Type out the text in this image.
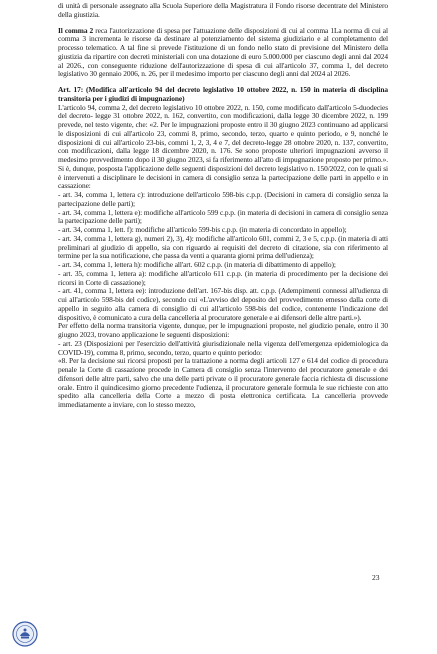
di unità di personale assegnato alla Scuola Superiore della Magistratura il Fondo risorse decentrate del Ministero della giustizia.

Il comma 2 reca l'autorizzazione di spesa per l'attuazione delle disposizioni di cui al comma 1La norma di cui al comma 3 incrementa le risorse da destinare al potenziamento del sistema giudiziario e al completamento del processo telematico. A tal fine si prevede l'istituzione di un fondo nello stato di previsione del Ministero della giustizia da ripartire con decreti ministeriali con una dotazione di euro 5.000.000 per ciascuno degli anni dal 2024 al 2026., con conseguente riduzione dell'autorizzazione di spesa di cui all'articolo 37, comma 1, del decreto legislativo 30 gennaio 2006, n. 26, per il medesimo importo per ciascuno degli anni dal 2024 al 2026.

Art. 17: (Modifica all'articolo 94 del decreto legislativo 10 ottobre 2022, n. 150 in materia di disciplina transitoria per i giudizi di impugnazione)

L'articolo 94, comma 2, del decreto legislativo 10 ottobre 2022, n. 150, come modificato dall'articolo 5-duodecies del decreto- legge 31 ottobre 2022, n. 162, convertito, con modificazioni, dalla legge 30 dicembre 2022, n. 199 prevede, nel testo vigente, che: «2. Per le impugnazioni proposte entro il 30 giugno 2023 continuano ad applicarsi le disposizioni di cui all'articolo 23, commi 8, primo, secondo, terzo, quarto e quinto periodo, e 9, nonché le disposizioni di cui all'articolo 23-bis, commi 1, 2, 3, 4 e 7, del decreto-legge 28 ottobre 2020, n. 137, convertito, con modificazioni, dalla legge 18 dicembre 2020, n. 176. Se sono proposte ulteriori impugnazioni avverso il medesimo provvedimento dopo il 30 giugno 2023, si fa riferimento all'atto di impugnazione proposto per primo.». Si è, dunque, posposta l'applicazione delle seguenti disposizioni del decreto legislativo n. 150/2022, con le quali si è intervenuti a disciplinare le decisioni in camera di consiglio senza la partecipazione delle parti in appello e in cassazione:

- art. 34, comma 1, lettera c): introduzione dell'articolo 598-bis c.p.p. (Decisioni in camera di consiglio senza la partecipazione delle parti);

- art. 34, comma 1, lettera e): modifiche all'articolo 599 c.p.p. (in materia di decisioni in camera di consiglio senza la partecipazione delle parti);

- art. 34, comma 1, lett. f): modifiche all'articolo 599-bis c.p.p. (in materia di concordato in appello);

- art. 34, comma 1, lettera g), numeri 2), 3), 4): modifiche all'articolo 601, commi 2, 3 e 5, c.p.p. (in materia di atti preliminari al giudizio di appello, sia con riguardo ai requisiti del decreto di citazione, sia con riferimento al termine per la sua notificazione, che passa da venti a quaranta giorni prima dell'udienza);

- art. 34, comma 1, lettera h): modifiche all'art. 602 c.p.p. (in materia di dibattimento di appello);

- art. 35, comma 1, lettera a): modifiche all'articolo 611 c.p.p. (in materia di procedimento per la decisione dei ricorsi in Corte di cassazione);

- art. 41, comma 1, lettera ee): introduzione dell'art. 167-bis disp. att. c.p.p. (Adempimenti connessi all'udienza di cui all'articolo 598-bis del codice), secondo cui «L'avviso del deposito del provvedimento emesso dalla corte di appello in seguito alla camera di consiglio di cui all'articolo 598-bis del codice, contenente l'indicazione del dispositivo, è comunicato a cura della cancelleria al procuratore generale e ai difensori delle altre parti.»).

Per effetto della norma transitoria vigente, dunque, per le impugnazioni proposte, nel giudizio penale, entro il 30 giugno 2023, trovano applicazione le seguenti disposizioni:

- art. 23 (Disposizioni per l'esercizio dell'attività giurisdizionale nella vigenza dell'emergenza epidemiologica da COVID-19), comma 8, primo, secondo, terzo, quarto e quinto periodo:

«8. Per la decisione sui ricorsi proposti per la trattazione a norma degli articoli 127 e 614 del codice di procedura penale la Corte di cassazione procede in Camera di consiglio senza l'intervento del procuratore generale e dei difensori delle altre parti, salvo che una delle parti private o il procuratore generale faccia richiesta di discussione orale. Entro il quindicesimo giorno precedente l'udienza, il procuratore generale formula le sue richieste con atto spedito alla cancelleria della Corte a mezzo di posta elettronica certificata. La cancelleria provvede immediatamente a inviare, con lo stesso mezzo,

23
